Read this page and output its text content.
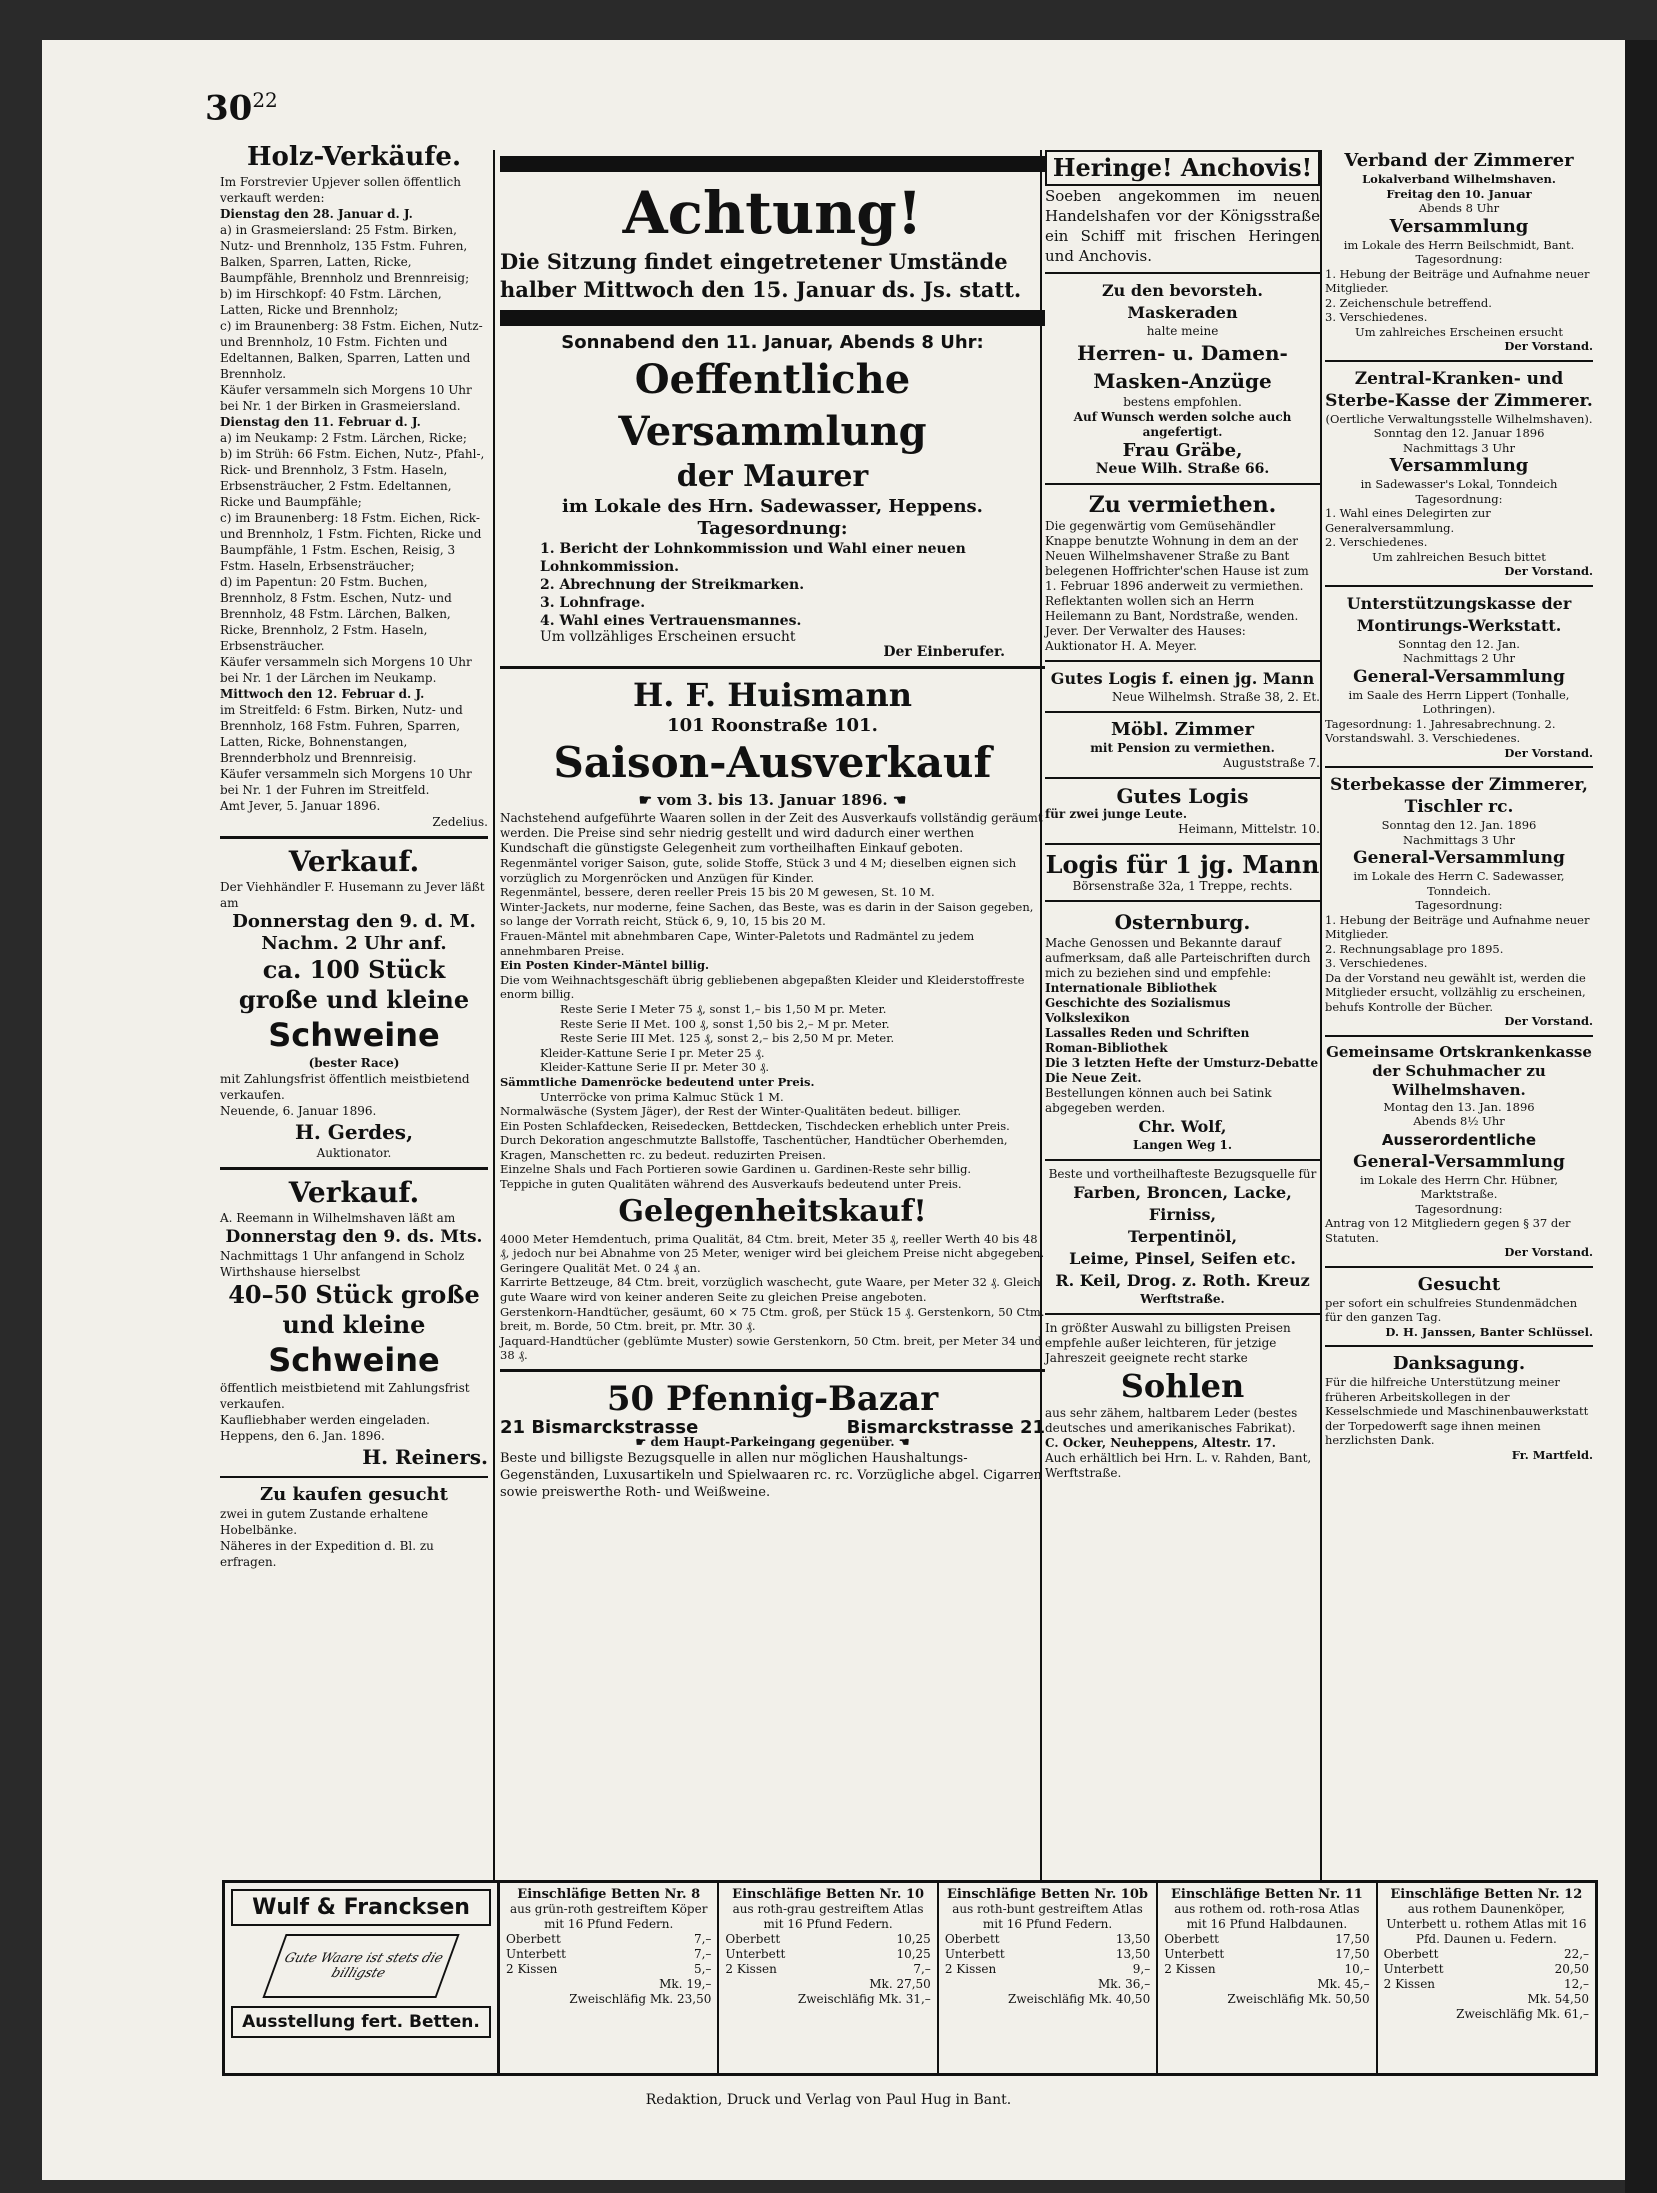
$30^{22}$
Holz-Verkäufe.

Im Forstrevier Upjever sollen öffentlich verkauft werden:

Dienstag den 28. Januar d. J.

a) in Grasmeiersland: 25 Fstm. Birken, Nutz- und Brennholz, 135 Fstm. Fuhren, Balken, Sparren, Latten, Ricke, Baumpfähle, Brennholz und Brennreisig;

b) im Hirschkopf: 40 Fstm. Lärchen, Latten, Ricke und Brennholz;

c) im Braunenberg: 38 Fstm. Eichen, Nutz- und Brennholz, 10 Fstm. Fichten und Edeltannen, Balken, Sparren, Latten und Brennholz.

Käufer versammeln sich Morgens 10 Uhr bei Nr. 1 der Birken in Grasmeiersland.

Dienstag den 11. Februar d. J.

a) im Neukamp: 2 Fstm. Lärchen, Ricke;

b) im Strüh: 66 Fstm. Eichen, Nutz-, Pfahl-, Rick- und Brennholz, 3 Fstm. Haseln, Erbsensträucher, 2 Fstm. Edeltannen, Ricke und Baumpfähle;

c) im Braunenberg: 18 Fstm. Eichen, Rick- und Brennholz, 1 Fstm. Fichten, Ricke und Baumpfähle, 1 Fstm. Eschen, Reisig, 3 Fstm. Haseln, Erbsensträucher;

d) im Papentun: 20 Fstm. Buchen, Brennholz, 8 Fstm. Eschen, Nutz- und Brennholz, 48 Fstm. Lärchen, Balken, Ricke, Brennholz, 2 Fstm. Haseln, Erbsensträucher.

Käufer versammeln sich Morgens 10 Uhr bei Nr. 1 der Lärchen im Neukamp.

Mittwoch den 12. Februar d. J.

im Streitfeld: 6 Fstm. Birken, Nutz- und Brennholz, 168 Fstm. Fuhren, Sparren, Latten, Ricke, Bohnenstangen, Brennderbholz und Brennreisig.

Käufer versammeln sich Morgens 10 Uhr bei Nr. 1 der Fuhren im Streitfeld.

Amt Jever, 5. Januar 1896.

Zedelius.

Verkauf.

Der Viehhändler F. Husemann zu Jever läßt am

Donnerstag den 9. d. M. Nachm. 2 Uhr anf.
ca. 100 Stück große und kleine
Schweine

(bester Race)

mit Zahlungsfrist öffentlich meistbietend verkaufen.

Neuende, 6. Januar 1896.

H. Gerdes,

Auktionator.

Verkauf.

A. Reemann in Wilhelmshaven läßt am

Donnerstag den 9. ds. Mts.

Nachmittags 1 Uhr anfangend in Scholz Wirthshause hierselbst

40–50 Stück große und kleine
Schweine

öffentlich meistbietend mit Zahlungsfrist verkaufen.

Kaufliebhaber werden eingeladen.

Heppens, den 6. Jan. 1896.

H. Reiners.
Zu kaufen gesucht

zwei in gutem Zustande erhaltene Hobelbänke.

Näheres in der Expedition d. Bl. zu erfragen.

Achtung!

Die Sitzung findet eingetretener Umstände halber Mittwoch den 15. Januar ds. Js. statt.

Sonnabend den 11. Januar, Abends 8 Uhr:
Oeffentliche Versammlung
der Maurer
im Lokale des Hrn. Sadewasser, Heppens.
Tagesordnung:

1. Bericht der Lohnkommission und Wahl einer neuen Lohnkommission.

2. Abrechnung der Streikmarken.

3. Lohnfrage.

4. Wahl eines Vertrauensmannes.

Um vollzähliges Erscheinen ersucht

Der Einberufer.

H. F. Huismann
101 Roonstraße 101.
Saison-Ausverkauf
☛ vom 3. bis 13. Januar 1896. ☚

Nachstehend aufgeführte Waaren sollen in der Zeit des Ausverkaufs vollständig geräumt werden. Die Preise sind sehr niedrig gestellt und wird dadurch einer werthen Kundschaft die günstigste Gelegenheit zum vortheilhaften Einkauf geboten.

Regenmäntel voriger Saison, gute, solide Stoffe, Stück 3 und 4 M; dieselben eignen sich vorzüglich zu Morgenröcken und Anzügen für Kinder.

Regenmäntel, bessere, deren reeller Preis 15 bis 20 M gewesen, St. 10 M.

Winter-Jackets, nur moderne, feine Sachen, das Beste, was es darin in der Saison gegeben, so lange der Vorrath reicht, Stück 6, 9, 10, 15 bis 20 M.

Frauen-Mäntel mit abnehmbaren Cape, Winter-Paletots und Radmäntel zu jedem annehmbaren Preise.

Ein Posten Kinder-Mäntel billig.

Die vom Weihnachtsgeschäft übrig gebliebenen abgepaßten Kleider und Kleiderstoffreste enorm billig.

Reste Serie I Meter 75 ₰, sonst 1,– bis 1,50 M pr. Meter.

Reste Serie II Met. 100 ₰, sonst 1,50 bis 2,– M pr. Meter.

Reste Serie III Met. 125 ₰, sonst 2,– bis 2,50 M pr. Meter.

Kleider-Kattune Serie I pr. Meter 25 ₰.

Kleider-Kattune Serie II pr. Meter 30 ₰.

Sämmtliche Damenröcke bedeutend unter Preis.

Unterröcke von prima Kalmuc Stück 1 M.

Normalwäsche (System Jäger), der Rest der Winter-Qualitäten bedeut. billiger.

Ein Posten Schlafdecken, Reisedecken, Bettdecken, Tischdecken erheblich unter Preis.

Durch Dekoration angeschmutzte Ballstoffe, Taschentücher, Handtücher Oberhemden, Kragen, Manschetten rc. zu bedeut. reduzirten Preisen.

Einzelne Shals und Fach Portieren sowie Gardinen u. Gardinen-Reste sehr billig.

Teppiche in guten Qualitäten während des Ausverkaufs bedeutend unter Preis.

Gelegenheitskauf!

4000 Meter Hemdentuch, prima Qualität, 84 Ctm. breit, Meter 35 ₰, reeller Werth 40 bis 48 ₰, jedoch nur bei Abnahme von 25 Meter, weniger wird bei gleichem Preise nicht abgegeben. Geringere Qualität Met. 0 24 ₰ an.

Karrirte Bettzeuge, 84 Ctm. breit, vorzüglich waschecht, gute Waare, per Meter 32 ₰. Gleich gute Waare wird von keiner anderen Seite zu gleichen Preise angeboten.

Gerstenkorn-Handtücher, gesäumt, 60 × 75 Ctm. groß, per Stück 15 ₰. Gerstenkorn, 50 Ctm. breit, m. Borde, 50 Ctm. breit, pr. Mtr. 30 ₰.

Jaquard-Handtücher (geblümte Muster) sowie Gerstenkorn, 50 Ctm. breit, per Meter 34 und 38 ₰.

50 Pfennig-Bazar
21 Bismarckstrasse	Bismarckstrasse 21

☛ dem Haupt-Parkeingang gegenüber. ☚

Beste und billigste Bezugsquelle in allen nur möglichen Haushaltungs-Gegenständen, Luxusartikeln und Spielwaaren rc. rc. Vorzügliche abgel. Cigarren sowie preiswerthe Roth- und Weißweine.

Heringe! Anchovis!

Soeben angekommen im neuen Handelshafen vor der Königsstraße ein Schiff mit frischen Heringen und Anchovis.

Zu den bevorsteh. Maskeraden

halte meine

Herren- u. Damen- Masken-Anzüge

bestens empfohlen.

Auf Wunsch werden solche auch angefertigt.

Frau Gräbe,

Neue Wilh. Straße 66.

Zu vermiethen.

Die gegenwärtig vom Gemüsehändler Knappe benutzte Wohnung in dem an der Neuen Wilhelmshavener Straße zu Bant belegenen Hoffrichter'schen Hause ist zum 1. Februar 1896 anderweit zu vermiethen.

Reflektanten wollen sich an Herrn Heilemann zu Bant, Nordstraße, wenden.

Jever. Der Verwalter des Hauses: Auktionator H. A. Meyer.

Gutes Logis f. einen jg. Mann

Neue Wilhelmsh. Straße 38, 2. Et.

Möbl. Zimmer

mit Pension zu vermiethen.

Auguststraße 7.

Gutes Logis

für zwei junge Leute.

Heimann, Mittelstr. 10.

Logis für 1 jg. Mann

Börsenstraße 32a, 1 Treppe, rechts.

Osternburg.

Mache Genossen und Bekannte darauf aufmerksam, daß alle Parteischriften durch mich zu beziehen sind und empfehle:

Internationale Bibliothek

Geschichte des Sozialismus

Volkslexikon

Lassalles Reden und Schriften

Roman-Bibliothek

Die 3 letzten Hefte der Umsturz-Debatte

Die Neue Zeit.

Bestellungen können auch bei Satink abgegeben werden.

Chr. Wolf,

Langen Weg 1.

Beste und vortheilhafteste Bezugsquelle für

Farben, Broncen, Lacke, Firniss,
Terpentinöl,
Leime, Pinsel, Seifen etc.
R. Keil, Drog. z. Roth. Kreuz

Werftstraße.

In größter Auswahl zu billigsten Preisen empfehle außer leichteren, für jetzige Jahreszeit geeignete recht starke

Sohlen

aus sehr zähem, haltbarem Leder (bestes deutsches und amerikanisches Fabrikat).

C. Ocker, Neuheppens, Altestr. 17.

Auch erhältlich bei Hrn. L. v. Rahden, Bant, Werftstraße.

Verband der Zimmerer

Lokalverband Wilhelmshaven.

Freitag den 10. Januar

Abends 8 Uhr

Versammlung

im Lokale des Herrn Beilschmidt, Bant.

Tagesordnung:

1. Hebung der Beiträge und Aufnahme neuer Mitglieder.

2. Zeichenschule betreffend.

3. Verschiedenes.

Um zahlreiches Erscheinen ersucht

Der Vorstand.

Zentral-Kranken- und Sterbe-Kasse der Zimmerer.

(Oertliche Verwaltungsstelle Wilhelmshaven).

Sonntag den 12. Januar 1896

Nachmittags 3 Uhr

Versammlung

in Sadewasser's Lokal, Tonndeich

Tagesordnung:

1. Wahl eines Delegirten zur Generalversammlung.

2. Verschiedenes.

Um zahlreichen Besuch bittet

Der Vorstand.

Unterstützungskasse der Montirungs-Werkstatt.

Sonntag den 12. Jan.

Nachmittags 2 Uhr

General-Versammlung

im Saale des Herrn Lippert (Tonhalle, Lothringen).

Tagesordnung: 1. Jahresabrechnung. 2. Vorstandswahl. 3. Verschiedenes.

Der Vorstand.

Sterbekasse der Zimmerer, Tischler rc.

Sonntag den 12. Jan. 1896

Nachmittags 3 Uhr

General-Versammlung

im Lokale des Herrn C. Sadewasser, Tonndeich.

Tagesordnung:

1. Hebung der Beiträge und Aufnahme neuer Mitglieder.

2. Rechnungsablage pro 1895.

3. Verschiedenes.

Da der Vorstand neu gewählt ist, werden die Mitglieder ersucht, vollzählig zu erscheinen, behufs Kontrolle der Bücher.

Der Vorstand.

Gemeinsame Ortskrankenkasse der Schuhmacher zu Wilhelmshaven.

Montag den 13. Jan. 1896

Abends 8½ Uhr

Ausserordentliche
General-Versammlung

im Lokale des Herrn Chr. Hübner, Marktstraße.

Tagesordnung:

Antrag von 12 Mitgliedern gegen § 37 der Statuten.

Der Vorstand.

Gesucht

per sofort ein schulfreies Stundenmädchen für den ganzen Tag.

D. H. Janssen, Banter Schlüssel.

Danksagung.

Für die hilfreiche Unterstützung meiner früheren Arbeitskollegen in der Kesselschmiede und Maschinenbauwerkstatt der Torpedowerft sage ihnen meinen herzlichsten Dank.

Fr. Martfeld.

Wulf & Francksen
Gute Waare ist stets die billigste
Ausstellung fert. Betten.

Einschläfige Betten Nr. 8

aus grün-roth gestreiftem Köper mit 16 Pfund Federn.

Oberbett	7,–
Unterbett	7,–
2 Kissen	5,–

Mk. 19,–

Zweischläfig Mk. 23,50

Einschläfige Betten Nr. 10

aus roth-grau gestreiftem Atlas mit 16 Pfund Federn.

Oberbett	10,25
Unterbett	10,25
2 Kissen	7,–

Mk. 27,50

Zweischläfig Mk. 31,–

Einschläfige Betten Nr. 10b

aus roth-bunt gestreiftem Atlas mit 16 Pfund Federn.

Oberbett	13,50
Unterbett	13,50
2 Kissen	9,–

Mk. 36,–

Zweischläfig Mk. 40,50

Einschläfige Betten Nr. 11

aus rothem od. roth-rosa Atlas mit 16 Pfund Halbdaunen.

Oberbett	17,50
Unterbett	17,50
2 Kissen	10,–

Mk. 45,–

Zweischläfig Mk. 50,50

Einschläfige Betten Nr. 12

aus rothem Daunenköper, Unterbett u. rothem Atlas mit 16 Pfd. Daunen u. Federn.

Oberbett	22,–
Unterbett	20,50
2 Kissen	12,–

Mk. 54,50

Zweischläfig Mk. 61,–

Redaktion, Druck und Verlag von Paul Hug in Bant.
